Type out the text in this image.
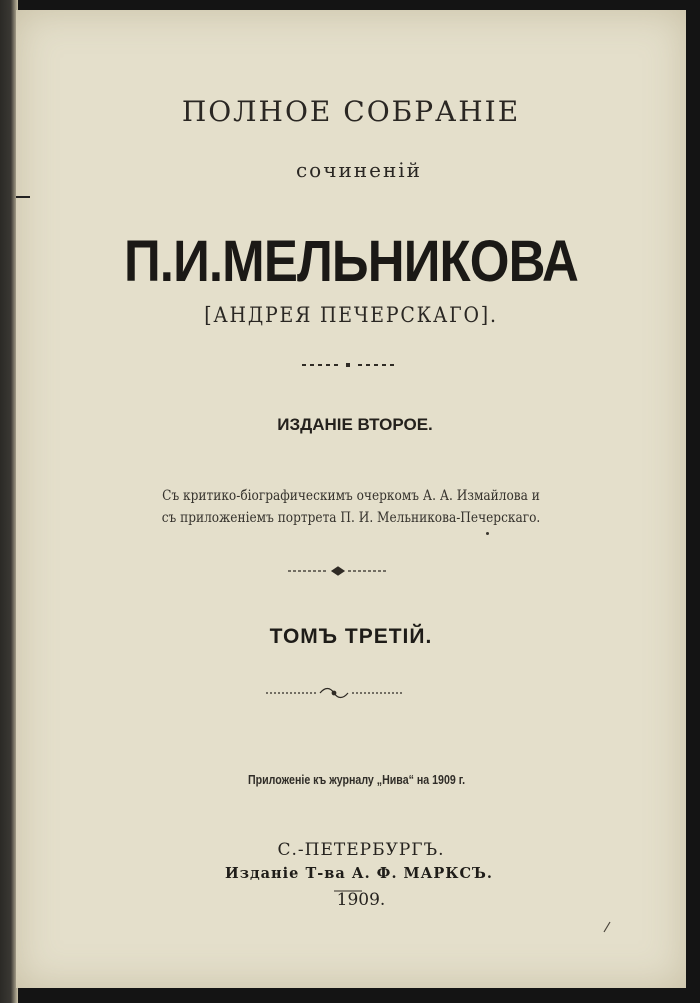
ПОЛНОЕ СОБРАНІЕ
сочиненій
П.И.МЕЛЬНИКОВА
[АНДРЕЯ ПЕЧЕРСКАГО].
ИЗДАНІЕ ВТОРОЕ.
Съ критико-біографическимъ очеркомъ А. А. Измайлова и
съ приложеніемъ портрета П. И. Мельникова-Печерскаго.
ТОМЪ ТРЕТІЙ.
Приложеніе къ журналу „Нива“ на 1909 г.
С.-ПЕТЕРБУРГЪ.
Изданіе Т-ва А. Ф. МАРКСЪ.
1909.
